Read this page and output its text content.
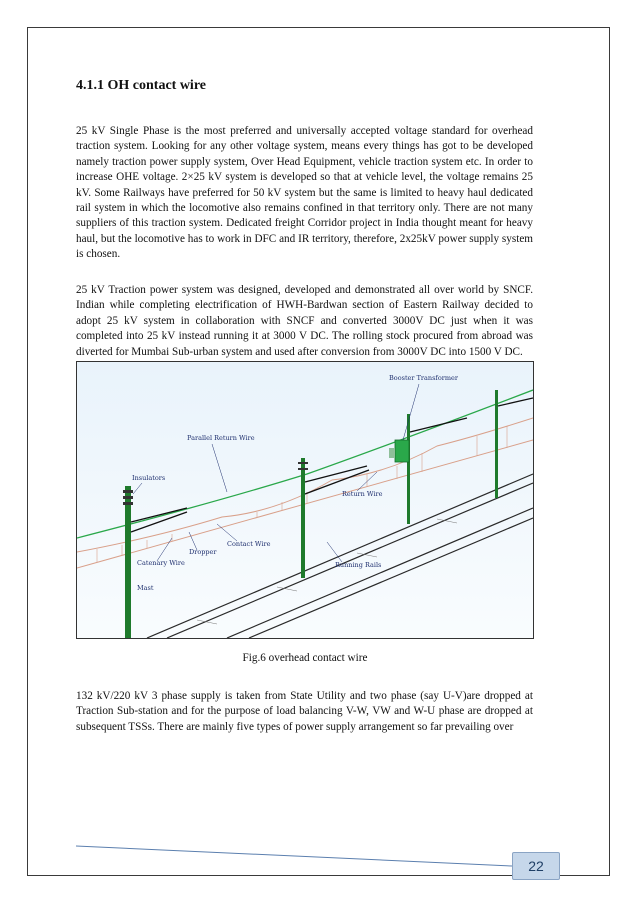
4.1.1 OH contact wire

25 kV Single Phase is the most preferred and universally accepted voltage standard for overhead traction system. Looking for any other voltage system, means every things has got to be developed namely traction power supply system, Over Head Equipment, vehicle traction system etc. In order to increase OHE voltage. 2×25 kV system is developed so that at vehicle level, the voltage remains 25 kV. Some Railways have preferred for 50 kV system but the same is limited to heavy haul dedicated rail system in which the locomotive also remains confined in that territory only. There are not many suppliers of this traction system. Dedicated freight Corridor project in India thought meant for heavy haul, but the locomotive has to work in DFC and IR territory, therefore, 2x25kV power supply system is chosen.

25 kV Traction power system was designed, developed and demonstrated all over world by SNCF. Indian while completing electrification of HWH-Bardwan section of Eastern Railway decided to adopt 25 kV system in collaboration with SNCF and converted 3000V DC just when it was completed into 25 kV instead running it at 3000 V DC. The rolling stock procured from abroad was diverted for Mumbai Sub-urban system and used after conversion from 3000V DC into 1500 V DC.

Booster Transformer
Parallel Return Wire
Insulators
Return Wire
Contact Wire
Dropper
Catenary Wire
Mast
Running Rails

Fig.6 overhead contact wire

132 kV/220 kV 3 phase supply is taken from State Utility and two phase (say U-V)are dropped at Traction Sub-station and for the purpose of load balancing V-W, VW and W-U phase are dropped at subsequent TSSs. There are mainly five types of power supply arrangement so far prevailing over

22
